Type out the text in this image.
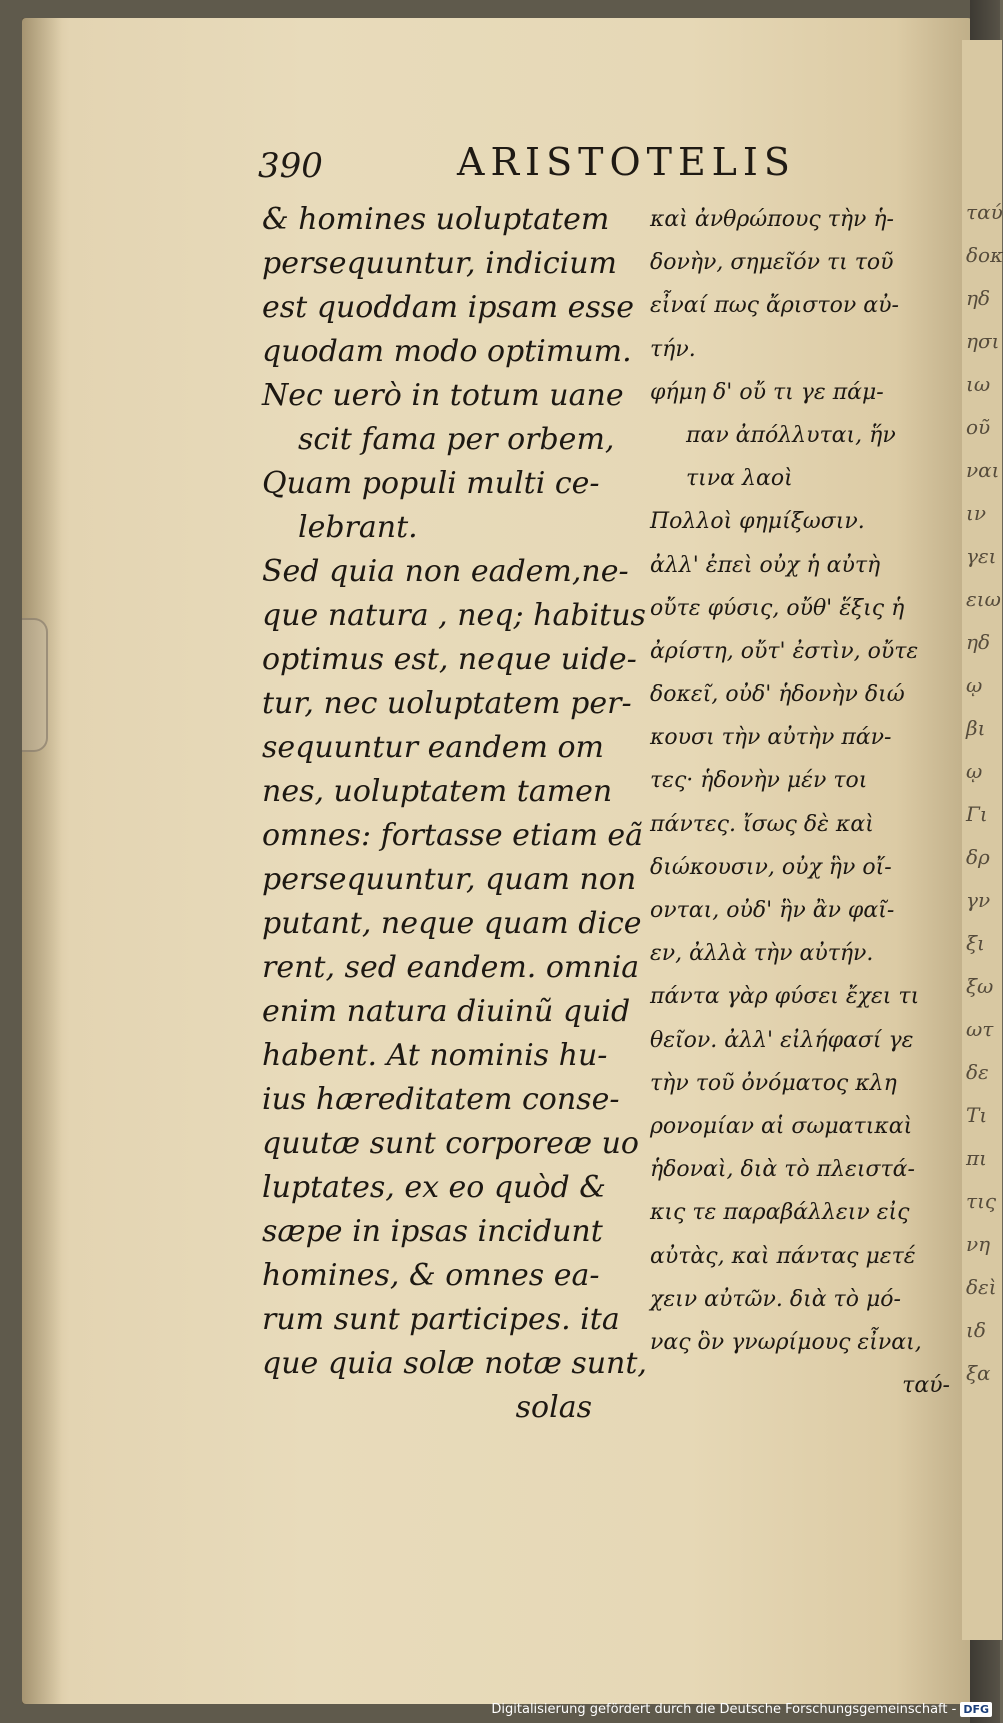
390	ARISTOTELIS
& homines uoluptatem
persequuntur, indicium
est quoddam ipsam esse
quodam modo optimum.
Nec uerò in totum uane
scit fama per orbem,
Quam populi multi ce-
lebrant.
Sed quia non eadem,ne-
que natura , neq; habitus
optimus est, neque uide-
tur, nec uoluptatem per-
sequuntur eandem om
nes, uoluptatem tamen
omnes: fortasse etiam eã
persequuntur, quam non
putant, neque quam dice
rent, sed eandem. omnia
enim natura diuinũ quid
habent. At nominis hu-
ius hæreditatem conse-
quutæ sunt corporeæ uo
luptates, ex eo quòd &
sæpe in ipsas incidunt
homines, & omnes ea-
rum sunt participes. ita
que quia solæ notæ sunt,
solas
καὶ ἀνθρώπους τὴν ἡ-
δονὴν, σημεῖόν τι τοῦ
εἶναί πως ἄριστον αὐ-
τήν.
φήμη δ' οὔ τι γε πάμ-
παν ἀπόλλυται, ἥν
τινα λαοὶ
Πολλοὶ φημίξωσιν.
ἀλλ' ἐπεὶ οὐχ ἡ αὐτὴ
οὔτε φύσις, οὔθ' ἕξις ἡ
ἀρίστη, οὔτ' ἐστὶν, οὔτε
δοκεῖ, οὐδ' ἡδονὴν διώ
κουσι τὴν αὐτὴν πάν-
τες· ἡδονὴν μέν τοι
πάντες. ἴσως δὲ καὶ
διώκουσιν, οὐχ ἣν οἴ-
ονται, οὐδ' ἣν ἂν φαῖ-
εν, ἀλλὰ τὴν αὐτήν.
πάντα γὰρ φύσει ἔχει τι
θεῖον. ἀλλ' εἰλήφασί γε
τὴν τοῦ ὀνόματος κλη
ρονομίαν αἱ σωματικαὶ
ἡδοναὶ, διὰ τὸ πλειστά-
κις τε παραβάλλειν εἰς
αὐτὰς, καὶ πάντας μετέ
χειν αὐτῶν. διὰ τὸ μό-
νας ὃν γνωρίμους εἶναι,
ταύ-
ταύ
δοκ
ηδ
ησι
ιω
οῦ
ναι
ιν
γει
ειω
ηδ
ῳ
βι
ῳ
Γι
δρ
γν
ξι
ξω
ωτ
δε
Τι
πι
τις
νη
δεὶ
ιδ
ξα
Digitalisierung gefördert durch die Deutsche Forschungsgemeinschaft - DFG
